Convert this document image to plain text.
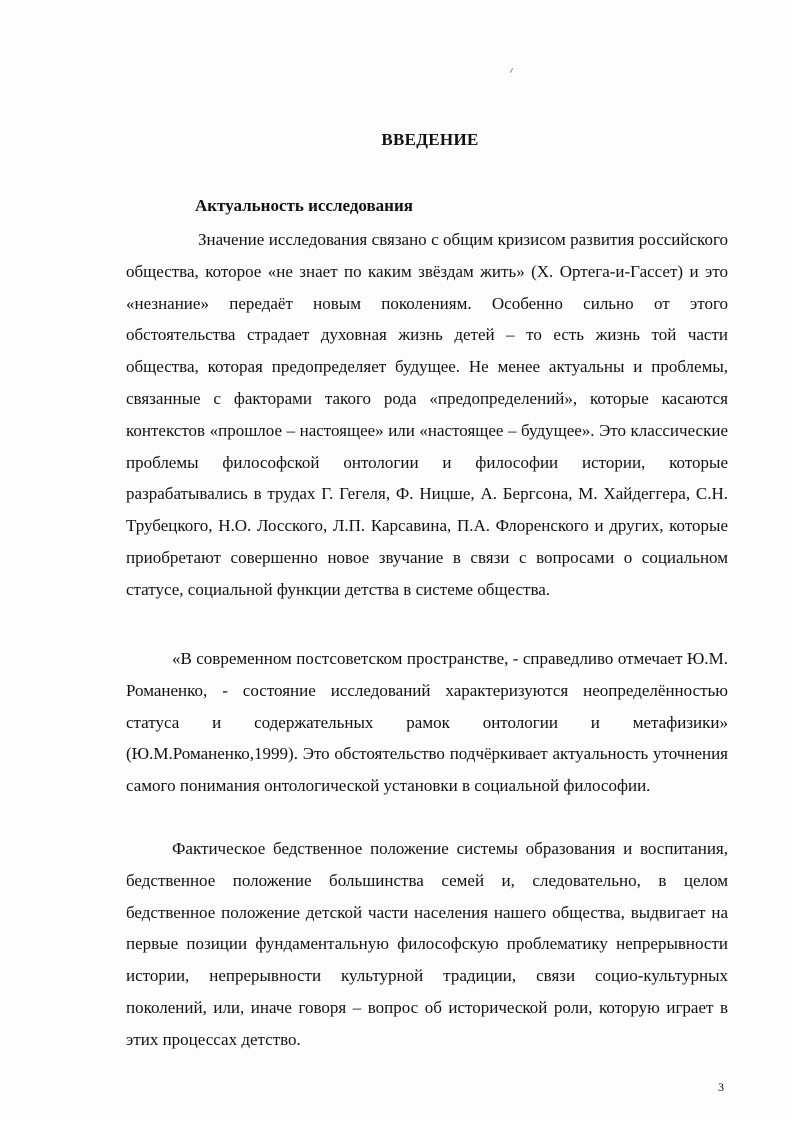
ВВЕДЕНИЕ
Актуальность исследования
Значение исследования связано с общим кризисом развития российского общества, которое «не знает по каким звёздам жить» (Х. Ортега-и-Гассет) и это «незнание» передаёт новым поколениям. Особенно сильно от этого обстоятельства страдает духовная жизнь детей – то есть жизнь той части общества, которая предопределяет будущее. Не менее актуальны и проблемы, связанные с факторами такого рода «предопределений», которые касаются контекстов «прошлое – настоящее» или «настоящее – будущее». Это классические проблемы философской онтологии и философии истории, которые разрабатывались в трудах Г. Гегеля, Ф. Ницше, А. Бергсона, М. Хайдеггера, С.Н. Трубецкого, Н.О. Лосского, Л.П. Карсавина, П.А. Флоренского и других, которые приобретают совершенно новое звучание в связи с вопросами о социальном статусе, социальной функции детства в системе общества.
«В современном постсоветском пространстве, - справедливо отмечает Ю.М. Романенко, - состояние исследований характеризуются неопределённостью статуса и содержательных рамок онтологии и метафизики» (Ю.М.Романенко,1999). Это обстоятельство подчёркивает актуальность уточнения самого понимания онтологической установки в социальной философии.
Фактическое бедственное положение системы образования и воспитания, бедственное положение большинства семей и, следовательно, в целом бедственное положение детской части населения нашего общества, выдвигает на первые позиции фундаментальную философскую проблематику непрерывности истории, непрерывности культурной традиции, связи социо-культурных поколений, или, иначе говоря – вопрос об исторической роли, которую играет в этих процессах детство.
3
